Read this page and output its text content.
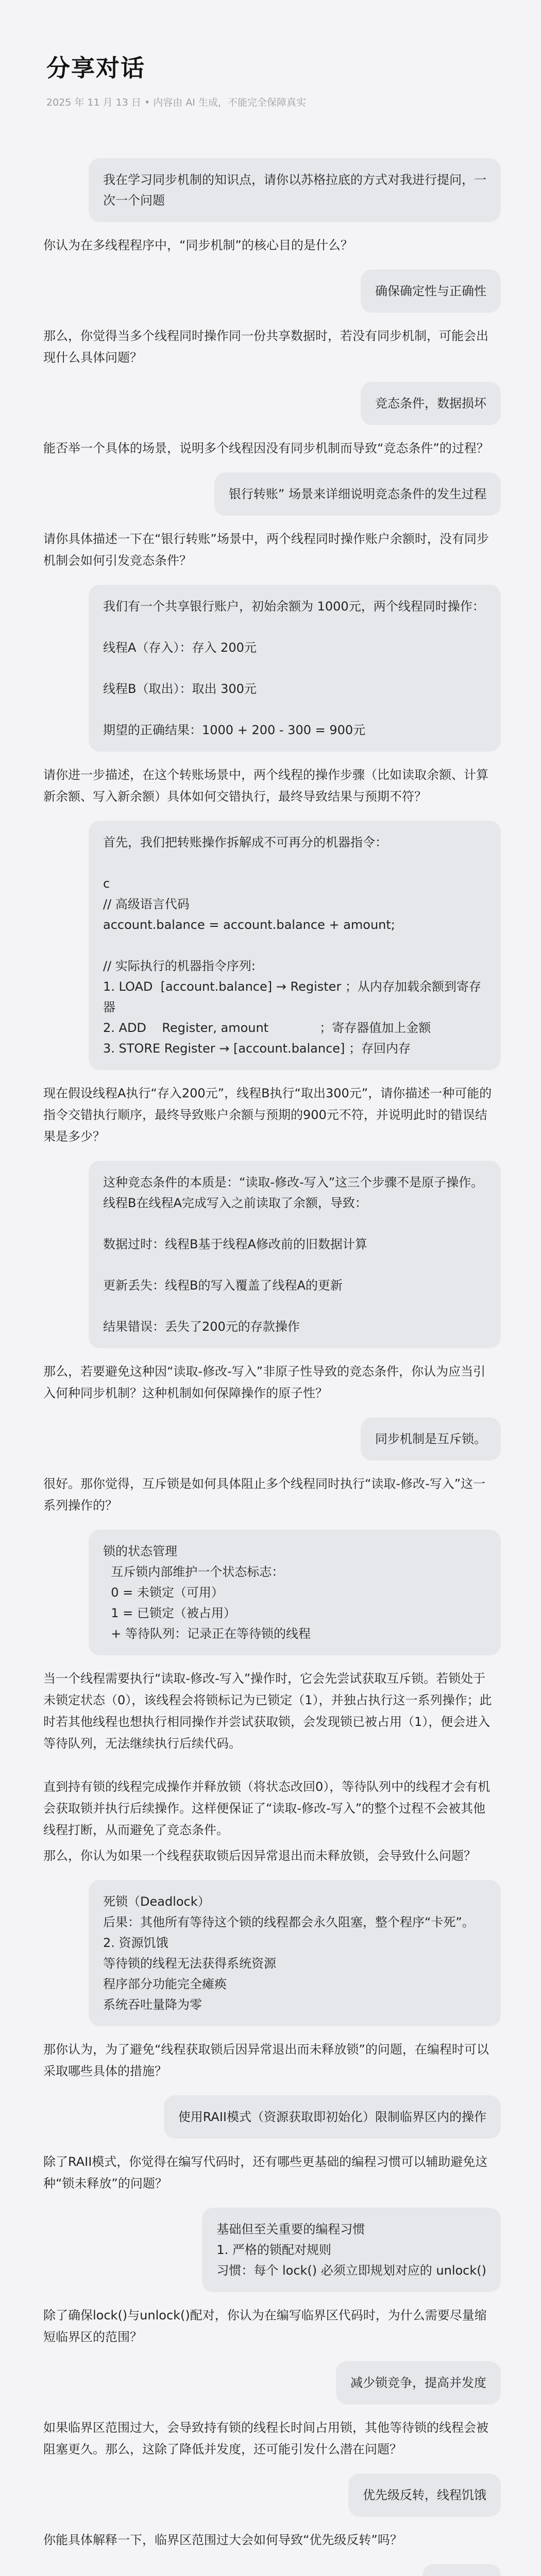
分享对话
2025 年 11 月 13 日 • 内容由 AI 生成，不能完全保障真实
我在学习同步机制的知识点，请你以苏格拉底的方式对我进行提问，一次一个问题
你认为在多线程程序中，“同步机制”的核心目的是什么？
确保确定性与正确性
那么，你觉得当多个线程同时操作同一份共享数据时，若没有同步机制，可能会出现什么具体问题？
竞态条件，数据损坏
能否举一个具体的场景，说明多个线程因没有同步机制而导致“竞态条件”的过程？
银行转账” 场景来详细说明竞态条件的发生过程
请你具体描述一下在“银行转账”场景中，两个线程同时操作账户余额时，没有同步机制会如何引发竞态条件？
我们有一个共享银行账户，初始余额为 1000元，两个线程同时操作：

线程A（存入）：存入 200元

线程B（取出）：取出 300元

期望的正确结果：1000 + 200 - 300 = 900元
请你进一步描述，在这个转账场景中，两个线程的操作步骤（比如读取余额、计算新余额、写入新余额）具体如何交错执行，最终导致结果与预期不符？
首先，我们把转账操作拆解成不可再分的机器指令：

c
// 高级语言代码
account.balance = account.balance + amount;

// 实际执行的机器指令序列:
1. LOAD  [account.balance] → Register ；从内存加载余额到寄存器
2. ADD    Register, amount             ；寄存器值加上金额
3. STORE Register → [account.balance] ；存回内存
现在假设线程A执行“存入200元”，线程B执行“取出300元”，请你描述一种可能的指令交错执行顺序，最终导致账户余额与预期的900元不符，并说明此时的错误结果是多少？
这种竞态条件的本质是：“读取-修改-写入”这三个步骤不是原子操作。线程B在线程A完成写入之前读取了余额，导致：

数据过时：线程B基于线程A修改前的旧数据计算

更新丢失：线程B的写入覆盖了线程A的更新

结果错误：丢失了200元的存款操作
那么，若要避免这种因“读取-修改-写入”非原子性导致的竞态条件，你认为应当引入何种同步机制？这种机制如何保障操作的原子性？
同步机制是互斥锁。
很好。那你觉得，互斥锁是如何具体阻止多个线程同时执行“读取-修改-写入”这一系列操作的？
锁的状态管理
互斥锁内部维护一个状态标志：
0 = 未锁定（可用）
1 = 已锁定（被占用）
+ 等待队列：记录正在等待锁的线程
当一个线程需要执行“读取-修改-写入”操作时，它会先尝试获取互斥锁。若锁处于未锁定状态（0），该线程会将锁标记为已锁定（1），并独占执行这一系列操作；此时若其他线程也想执行相同操作并尝试获取锁，会发现锁已被占用（1），便会进入等待队列，无法继续执行后续代码。

直到持有锁的线程完成操作并释放锁（将状态改回0），等待队列中的线程才会有机会获取锁并执行后续操作。这样便保证了“读取-修改-写入”的整个过程不会被其他线程打断，从而避免了竞态条件。
那么，你认为如果一个线程获取锁后因异常退出而未释放锁，会导致什么问题？
死锁（Deadlock）
后果：其他所有等待这个锁的线程都会永久阻塞，整个程序“卡死”。
2. 资源饥饿
等待锁的线程无法获得系统资源
程序部分功能完全瘫痪
系统吞吐量降为零
那你认为，为了避免“线程获取锁后因异常退出而未释放锁”的问题，在编程时可以采取哪些具体的措施？
使用RAII模式（资源获取即初始化）限制临界区内的操作
除了RAII模式，你觉得在编写代码时，还有哪些更基础的编程习惯可以辅助避免这种“锁未释放”的问题？
基础但至关重要的编程习惯
1. 严格的锁配对规则
习惯：每个 lock() 必须立即规划对应的 unlock()
除了确保lock()与unlock()配对，你认为在编写临界区代码时，为什么需要尽量缩短临界区的范围？
减少锁竞争，提高并发度
如果临界区范围过大，会导致持有锁的线程长时间占用锁，其他等待锁的线程会被阻塞更久。那么，这除了降低并发度，还可能引发什么潜在问题？
优先级反转，线程饥饿
你能具体解释一下，临界区范围过大会如何导致“优先级反转”吗？
